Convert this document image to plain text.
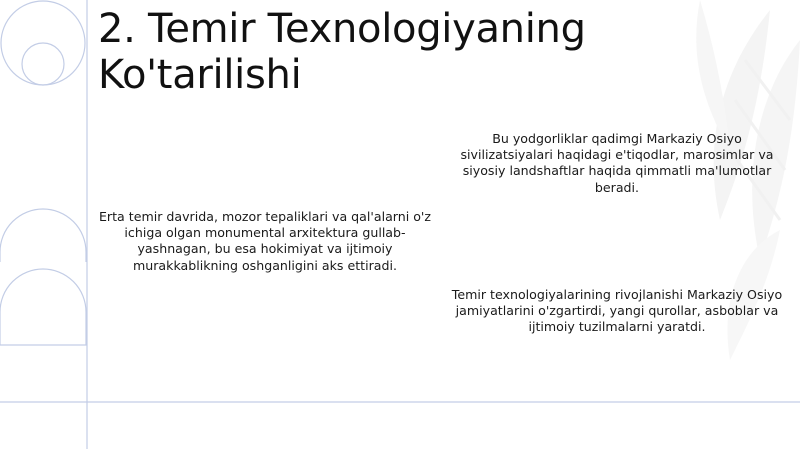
2. Temir Texnologiyaning Ko'tarilishi

Bu yodgorliklar qadimgi Markaziy Osiyo sivilizatsiyalari haqidagi e'tiqodlar, marosimlar va siyosiy landshaftlar haqida qimmatli ma'lumotlar beradi.

Erta temir davrida, mozor tepaliklari va qal'alarni o'z ichiga olgan monumental arxitektura gullab-yashnagan, bu esa hokimiyat va ijtimoiy murakkablikning oshganligini aks ettiradi.

Temir texnologiyalarining rivojlanishi Markaziy Osiyo jamiyatlarini o'zgartirdi, yangi qurollar, asboblar va ijtimoiy tuzilmalarni yaratdi.
